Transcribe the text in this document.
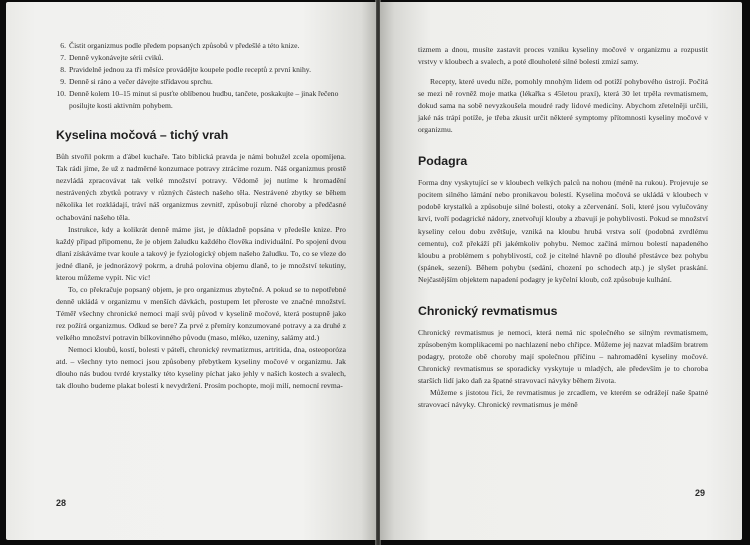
6. Čistit organizmus podle předem popsaných způsobů v předešlé a této knize.
7. Denně vykonávejte sérii cviků.
8. Pravidelně jednou za tři měsíce provádějte koupele podle receptů z první knihy.
9. Denně si ráno a večer dávejte střídavou sprchu.
10. Denně kolem 10–15 minut si pusťte oblíbenou hudbu, tančete, poskakujte – jinak řečeno posilujte kosti aktivním pohybem.
Kyselina močová – tichý vrah

Bůh stvořil pokrm a ďábel kuchaře. Tato biblická pravda je námi bohužel zcela opomíjena. Tak rádi jíme, že už z nadměrné konzumace potravy ztrácíme rozum. Náš organizmus prostě nezvládá zpracovávat tak velké množství potravy. Vědomě jej nutíme k hromadění nestrávených zbytků potravy v různých částech našeho těla. Nestrávené zbytky se během několika let rozkládají, tráví náš organizmus zevnitř, způsobují různé choroby a předčasné ochabování našeho těla.

Instrukce, kdy a kolikrát denně máme jíst, je důkladně popsána v předešle knize. Pro každý připad připomenu, že je objem žaludku každého člověka individuální. Po spojení dvou dlaní získáváme tvar koule a takový je fyziologický objem našeho žaludku. To, co se vleze do jedné dlaně, je jednorázový pokrm, a druhá polovina objemu dlaně, to je množství tekutiny, kterou můžeme vypít. Nic víc!

To, co překračuje popsaný objem, je pro organizmus zbytečné. A pokud se to nepotřebné denně ukládá v organizmu v menších dávkách, postupem let přerostе ve značné množství. Téměř všechny chronické nemoci mají svůj původ v kyselině močové, která postupně jako rez požírá organizmus. Odkud se bere? Za prvé z přemíry konzumované potravy a za druhé z velkého množství potravin bílkovinného původu (maso, mléko, uzeniny, salámy atd.)

Nemoci kloubů, kostí, bolesti v páteři, chronický revmatizmus, artritida, dna, osteoporóza atd. – všechny tyto nemoci jsou způsobeny přebytkem kyseliny močové v organizmu. Jak dlouho nás budou tvrdé krystalky této kyseliny píchat jako jehly v našich kostech a svalech, tak dlouho budeme plakat bolestí k nevydržení. Prosím pochopte, moji milí, nemocní revma-

28

tizmem a dnou, musíte zastavit proces vzniku kyseliny močové v organizmu a rozpustit vrstvy v kloubech a svalech, a poté dlouholeté silné bolesti zmizí samy.

Recepty, které uvedu níže, pomohly mnohým lidem od potíží pohybového ústrojí. Počítá se mezi ně rovněž moje matka (lékařka s 45letou praxí), která 30 let trpěla revmatismem, dokud sama na sobě nevyzkoušela moudré rady lidové medicíny. Abychom zřetelněji určili, jaké nás trápí potíže, je třeba zkusit určit některé symptomy přítomnosti kyseliny močové v organizmu.

Podagra

Forma dny vyskytující se v kloubech velkých palců na nohou (méně na rukou). Projevuje se pocitem silného lámání nebo pronikavou bolestí. Kyselina močová se ukládá v kloubech v podobě krystalků a způsobuje silné bolesti, otoky a zčervenání. Soli, které jsou vylučovány krví, tvoří podagrické nádory, znetvořují klouby a zbavují je pohyblivosti. Pokud se množství kyseliny celou dobu zvětšuje, vzniká na kloubu hrubá vrstva solí (podobná zvrdlému cementu), což překáží při jakémkoliv pohybu. Nemoc začíná mírnou bolestí napadeného kloubu a problémem s pohyblivostí, což je citelné hlavně po dlouhé přestávce bez pohybu (spánek, sezení). Během pohybu (sedání, chození po schodech atp.) je slyšet praskání. Nejčastějším objektem napadení podagry je kyčelní kloub, což způsobuje kulhání.

Chronický revmatismus

Chronický revmatismus je nemoci, která nemá nic společného se silným revmatismem, způsobeným komplikacemi po nachlazení nebo chřipce. Můžeme jej nazvat mladším bratrem podagry, protože obě choroby mají společnou příčinu – nahromadění kyseliny močové. Chronický revmatismus se sporadicky vyskytuje u mladých, ale především je to choroba starších lidí jako daň za špatné stravovací návyky během života.

Můžeme s jistotou říci, že revmatismus je zrcadlem, ve kterém se odrážejí naše špatné stravovací návyky. Chronický revmatismus je méně

29
